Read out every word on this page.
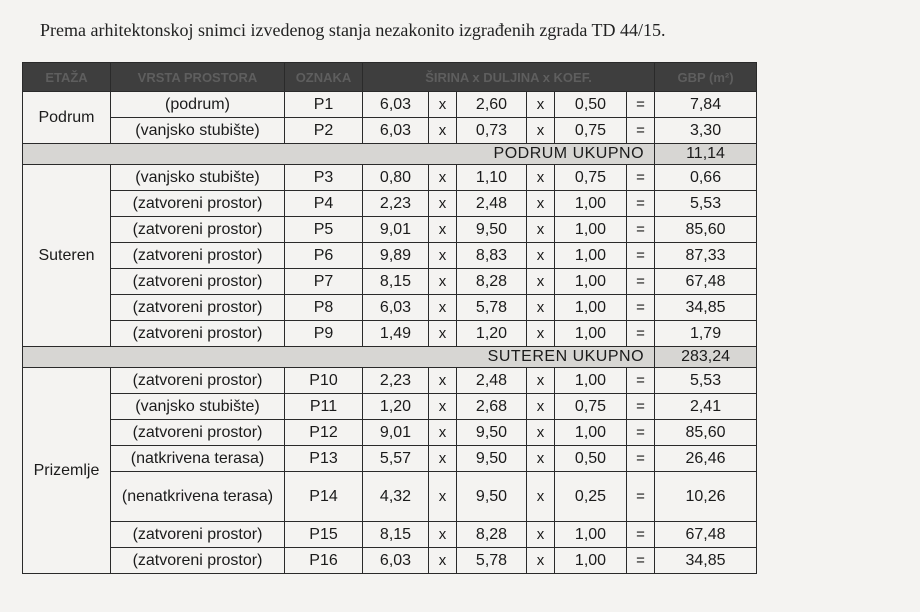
Prema arhitektonskoj snimci izvedenog stanja nezakonito izgrađenih zgrada TD 44/15.
ETAŽA	VRSTA PROSTORA	OZNAKA	ŠIRINA x DULJINA x KOEF.						GBP (m²)
Podrum	(podrum)	P1	6,03	x	2,60	x	0,50	=	7,84
	(vanjsko stubište)	P2	6,03	x	0,73	x	0,75	=	3,30
PODRUM UKUPNO									11,14
Suteren	(vanjsko stubište)	P3	0,80	x	1,10	x	0,75	=	0,66
	(zatvoreni prostor)	P4	2,23	x	2,48	x	1,00	=	5,53
	(zatvoreni prostor)	P5	9,01	x	9,50	x	1,00	=	85,60
	(zatvoreni prostor)	P6	9,89	x	8,83	x	1,00	=	87,33
	(zatvoreni prostor)	P7	8,15	x	8,28	x	1,00	=	67,48
	(zatvoreni prostor)	P8	6,03	x	5,78	x	1,00	=	34,85
	(zatvoreni prostor)	P9	1,49	x	1,20	x	1,00	=	1,79
SUTEREN UKUPNO									283,24
Prizemlje	(zatvoreni prostor)	P10	2,23	x	2,48	x	1,00	=	5,53
	(vanjsko stubište)	P11	1,20	x	2,68	x	0,75	=	2,41
	(zatvoreni prostor)	P12	9,01	x	9,50	x	1,00	=	85,60
	(natkrivena terasa)	P13	5,57	x	9,50	x	0,50	=	26,46
	(nenatkrivena terasa)	P14	4,32	x	9,50	x	0,25	=	10,26
	(zatvoreni prostor)	P15	8,15	x	8,28	x	1,00	=	67,48
	(zatvoreni prostor)	P16	6,03	x	5,78	x	1,00	=	34,85
